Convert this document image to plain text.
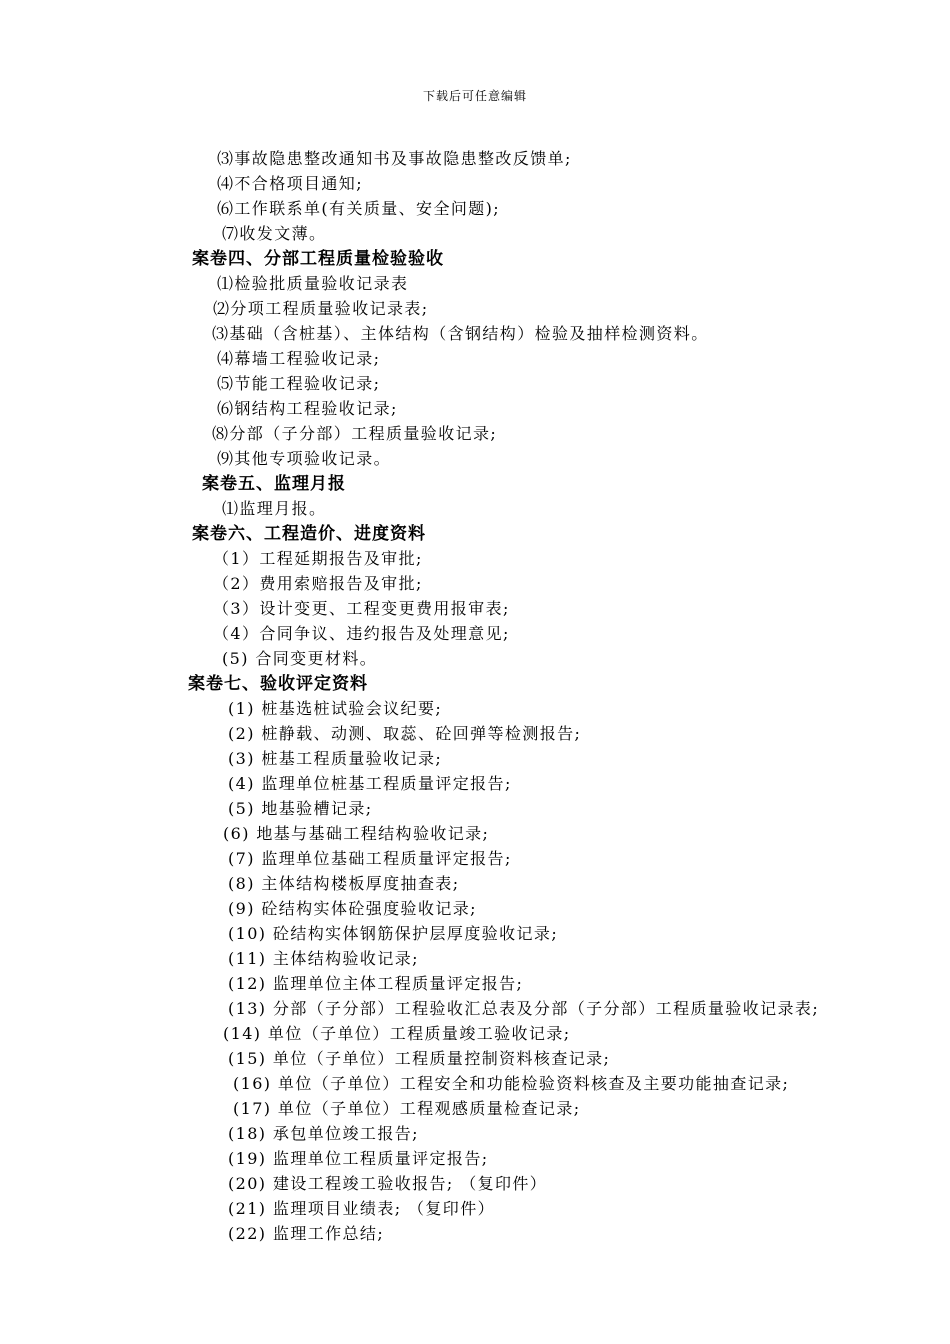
下载后可任意编辑
⑶事故隐患整改通知书及事故隐患整改反馈单;
⑷不合格项目通知;
⑹工作联系单(有关质量、安全问题);
⑺收发文薄。
案卷四、分部工程质量检验验收
⑴检验批质量验收记录表
⑵分项工程质量验收记录表;
⑶基础（含桩基）、主体结构（含钢结构）检验及抽样检测资料。
⑷幕墙工程验收记录;
⑸节能工程验收记录;
⑹钢结构工程验收记录;
⑻分部（子分部）工程质量验收记录;
⑼其他专项验收记录。
案卷五、监理月报
⑴监理月报。
案卷六、工程造价、进度资料
（1）工程延期报告及审批;
（2）费用索赔报告及审批;
（3）设计变更、工程变更费用报审表;
（4）合同争议、违约报告及处理意见;
(5) 合同变更材料。
案卷七、验收评定资料
(1) 桩基选桩试验会议纪要;
(2) 桩静载、动测、取蕊、砼回弹等检测报告;
(3) 桩基工程质量验收记录;
(4) 监理单位桩基工程质量评定报告;
(5) 地基验槽记录;
(6) 地基与基础工程结构验收记录;
(7) 监理单位基础工程质量评定报告;
(8) 主体结构楼板厚度抽查表;
(9) 砼结构实体砼强度验收记录;
(10) 砼结构实体钢筋保护层厚度验收记录;
(11) 主体结构验收记录;
(12) 监理单位主体工程质量评定报告;
(13) 分部（子分部）工程验收汇总表及分部（子分部）工程质量验收记录表;
(14) 单位（子单位）工程质量竣工验收记录;
(15) 单位（子单位）工程质量控制资料核查记录;
(16) 单位（子单位）工程安全和功能检验资料核查及主要功能抽查记录;
(17) 单位（子单位）工程观感质量检查记录;
(18) 承包单位竣工报告;
(19) 监理单位工程质量评定报告;
(20) 建设工程竣工验收报告; （复印件）
(21) 监理项目业绩表; （复印件）
(22) 监理工作总结;
